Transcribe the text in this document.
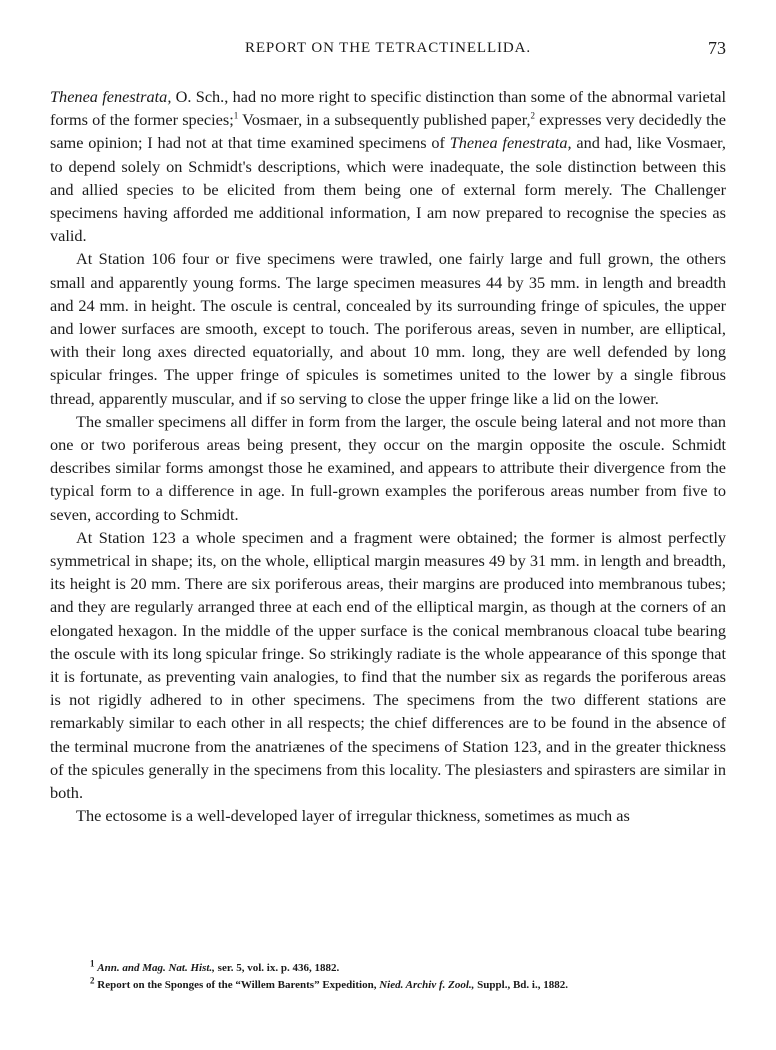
REPORT ON THE TETRACTINELLIDA.	73

Thenea fenestrata, O. Sch., had no more right to specific distinction than some of the abnormal varietal forms of the former species;$^1$ Vosmaer, in a subsequently published paper,$^2$ expresses very decidedly the same opinion; I had not at that time examined specimens of Thenea fenestrata, and had, like Vosmaer, to depend solely on Schmidt's descriptions, which were inadequate, the sole distinction between this and allied species to be elicited from them being one of external form merely. The Challenger specimens having afforded me additional information, I am now prepared to recognise the species as valid.

At Station 106 four or five specimens were trawled, one fairly large and full grown, the others small and apparently young forms. The large specimen measures 44 by 35 mm. in length and breadth and 24 mm. in height. The oscule is central, concealed by its surrounding fringe of spicules, the upper and lower surfaces are smooth, except to touch. The poriferous areas, seven in number, are elliptical, with their long axes directed equatorially, and about 10 mm. long, they are well defended by long spicular fringes. The upper fringe of spicules is sometimes united to the lower by a single fibrous thread, apparently muscular, and if so serving to close the upper fringe like a lid on the lower.

The smaller specimens all differ in form from the larger, the oscule being lateral and not more than one or two poriferous areas being present, they occur on the margin opposite the oscule. Schmidt describes similar forms amongst those he examined, and appears to attribute their divergence from the typical form to a difference in age. In full-grown examples the poriferous areas number from five to seven, according to Schmidt.

At Station 123 a whole specimen and a fragment were obtained; the former is almost perfectly symmetrical in shape; its, on the whole, elliptical margin measures 49 by 31 mm. in length and breadth, its height is 20 mm. There are six poriferous areas, their margins are produced into membranous tubes; and they are regularly arranged three at each end of the elliptical margin, as though at the corners of an elongated hexagon. In the middle of the upper surface is the conical membranous cloacal tube bearing the oscule with its long spicular fringe. So strikingly radiate is the whole appearance of this sponge that it is fortunate, as preventing vain analogies, to find that the number six as regards the poriferous areas is not rigidly adhered to in other specimens. The specimens from the two different stations are remarkably similar to each other in all respects; the chief differences are to be found in the absence of the terminal mucrone from the anatriænes of the specimens of Station 123, and in the greater thickness of the spicules generally in the specimens from this locality. The plesiasters and spirasters are similar in both.

The ectosome is a well-developed layer of irregular thickness, sometimes as much as

$^1$ Ann. and Mag. Nat. Hist., ser. 5, vol. ix. p. 436, 1882.

$^2$ Report on the Sponges of the “Willem Barents” Expedition, Nied. Archiv f. Zool., Suppl., Bd. i., 1882.
